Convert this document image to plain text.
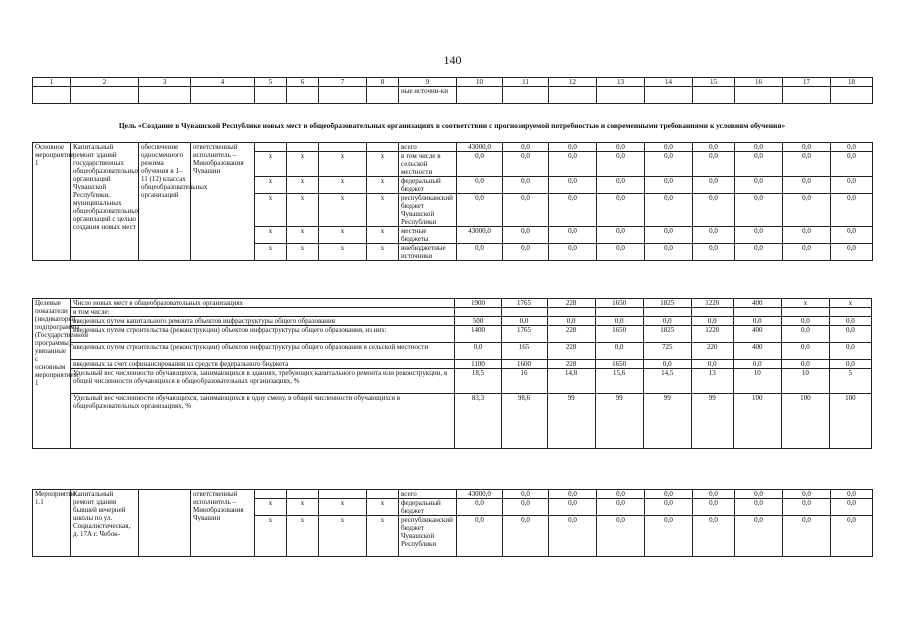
140
1	2	3	4	5	6	7	8	9	10	11	12	13	14	15	16	17	18
								ные источни-ки									
Цель «Создание в Чувашской Республике новых мест в общеобразовательных организациях в соответствии с прогнозируемой потребностью и современными требованиями к условиям обучения»
Основное мероприятие 1	Капитальный ремонт зданий государственных общеобразовательных организаций Чувашской Республики, муниципальных общеобразовательных организаций с целью создания новых мест	обеспечение односменного режима обучения в 1–11 (12) классах общеобразовательных организаций	ответственный исполнитель – Минобразования Чувашии					всего	43000,0	0,0	0,0	0,0	0,0	0,0	0,0	0,0	0,0
				x	x	x	x	в том числе в сельской местности	0,0	0,0	0,0	0,0	0,0	0,0	0,0	0,0	0,0
				x	x	x	x	федеральный бюджет	0,0	0,0	0,0	0,0	0,0	0,0	0,0	0,0	0,0
				x	x	x	x	республиканский бюджет Чувашской Республики	0,0	0,0	0,0	0,0	0,0	0,0	0,0	0,0	0,0
				x	x	x	x	местные бюджеты	43000,0	0,0	0,0	0,0	0,0	0,0	0,0	0,0	0,0
				x	x	x	x	внебюджетные источники	0,0	0,0	0,0	0,0	0,0	0,0	0,0	0,0	0,0
Целевые показатели (индикаторы) подпрограммы (Государственной программы), увязанные с основным мероприятием 1	Число новых мест в общеобразовательных организациях	1900	1765	228	1650	1825	1220	400	x	x
	в том числе:									
	введенных путем капитального ремонта объектов инфраструктуры общего образования	500	0,0	0,0	0,0	0,0	0,0	0,0	0,0	0,0
	введенных путем строительства (реконструкции) объектов инфраструктуры общего образования, из них:	1400	1765	228	1650	1825	1220	400	0,0	0,0
	введенных путем строительства (реконструкции) объектов инфраструктуры общего образования в сельской местности	0,0	165	228	0,0	725	220	400	0,0	0,0
	введенных за счет софинансирования из средств федерального бюджета	1100	1600	228	1650	0,0	0,0	0,0	0,0	0,0
	Удельный вес численности обучающихся, занимающихся в зданиях, требующих капитального ремонта или реконструкции, в общей численности обучающихся в общеобразовательных организациях, %	18,5	16	14,8	15,6	14,5	13	10	10	5
	Удельный вес численности обучающихся, занимающихся в одну смену, в общей численности обучающихся в общеобразовательных организациях, %	83,3	98,6	99	99	99	99	100	100	100
Мероприятие 1.1	Капитальный ремонт здания бывшей вечерней школы по ул. Социалистическая, д. 17А г. Чебок-		ответственный исполнитель – Минобразования Чувашии					всего	43000,0	0,0	0,0	0,0	0,0	0,0	0,0	0,0	0,0
				x	x	x	x	федеральный бюджет	0,0	0,0	0,0	0,0	0,0	0,0	0,0	0,0	0,0
				x	x	x	x	республиканский бюджет Чувашской Республики	0,0	0,0	0,0	0,0	0,0	0,0	0,0	0,0	0,0
